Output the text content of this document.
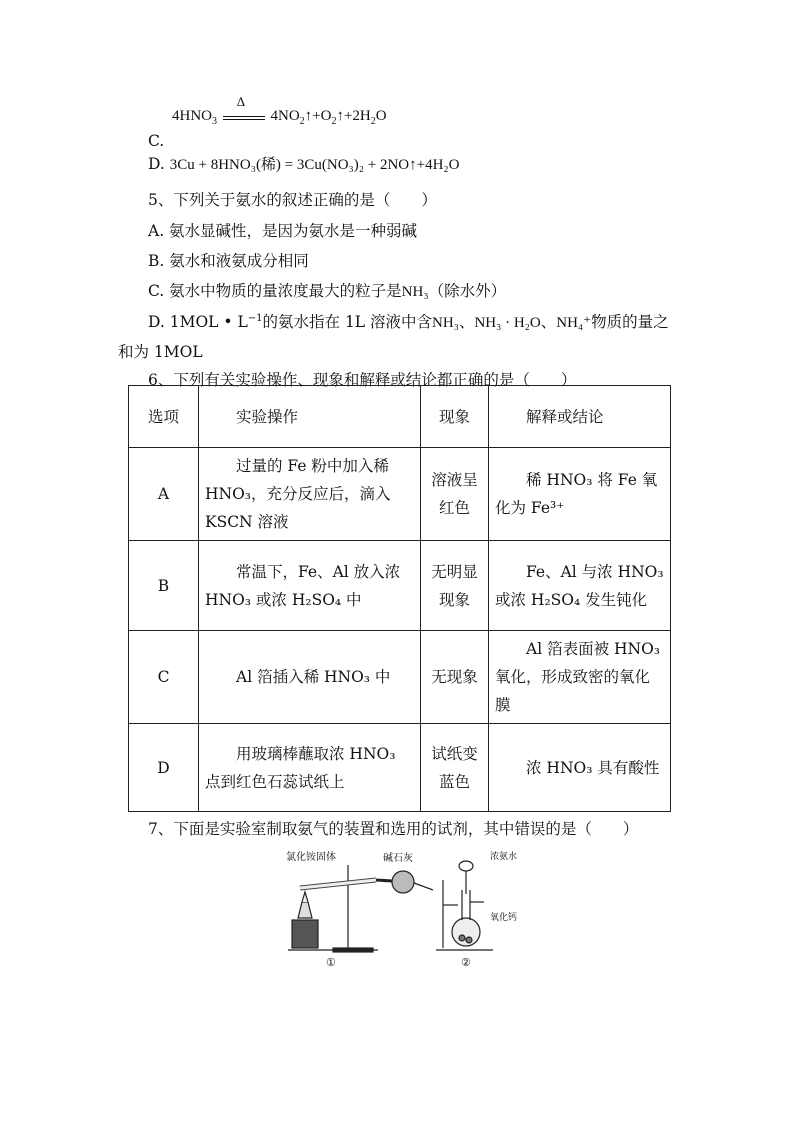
$4HNO_3$
Δ
$4NO_2↑+O_2↑+2H_2O$
C.
D. 3Cu + 8HNO₃(稀) = 3Cu(NO₃)₂ + 2NO↑+4H₂O
5、下列关于氨水的叙述正确的是（　　）
A. 氨水显碱性，是因为氨水是一种弱碱
B. 氨水和液氨成分相同
C. 氨水中物质的量浓度最大的粒子是NH₃（除水外）
D. 1MOL • $L^{-1}$的氨水指在 1L 溶液中含NH₃、NH₃ · H₂O、NH₄⁺物质的量之
和为 1MOL
6、下列有关实验操作、现象和解释或结论都正确的是（　　）
选项	实验操作	现象	解释或结论
A	过量的 Fe 粉中加入稀 HNO₃，充分反应后，滴入 KSCN 溶液	溶液呈红色	稀 HNO₃ 将 Fe 氧化为 Fe³⁺
B	常温下，Fe、Al 放入浓 HNO₃ 或浓 H₂SO₄ 中	无明显现象	Fe、Al 与浓 HNO₃ 或浓 H₂SO₄ 发生钝化
C	Al 箔插入稀 HNO₃ 中	无现象	Al 箔表面被 HNO₃ 氧化，形成致密的氧化膜
D	用玻璃棒蘸取浓 HNO₃ 点到红色石蕊试纸上	试纸变蓝色	浓 HNO₃ 具有酸性
7、下面是实验室制取氨气的装置和选用的试剂，其中错误的是（　　）
氯化铵固体	碱石灰
①
浓氨水
氧化钙
②
